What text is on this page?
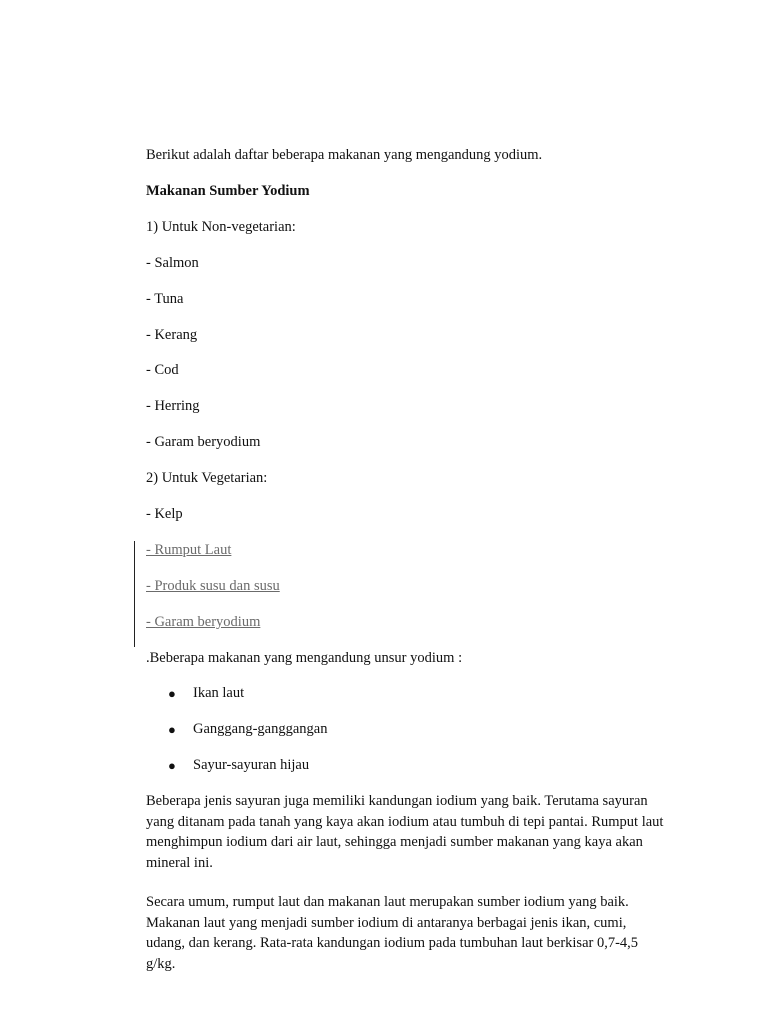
Berikut adalah daftar beberapa makanan yang mengandung yodium.
Makanan Sumber Yodium
1) Untuk Non-vegetarian:
- Salmon
- Tuna
- Kerang
- Cod
- Herring
- Garam beryodium
2) Untuk Vegetarian:
- Kelp
- Rumput Laut
- Produk susu dan susu
- Garam beryodium
.Beberapa makanan yang mengandung unsur yodium :
● Ikan laut
● Ganggang-ganggangan
● Sayur-sayuran hijau
Beberapa jenis sayuran juga memiliki kandungan iodium yang baik. Terutama sayuran yang ditanam pada tanah yang kaya akan iodium atau tumbuh di tepi pantai. Rumput laut menghimpun iodium dari air laut, sehingga menjadi sumber makanan yang kaya akan mineral ini.
Secara umum, rumput laut dan makanan laut merupakan sumber iodium yang baik. Makanan laut yang menjadi sumber iodium di antaranya berbagai jenis ikan, cumi, udang, dan kerang. Rata-rata kandungan iodium pada tumbuhan laut berkisar 0,7-4,5 g/kg.
